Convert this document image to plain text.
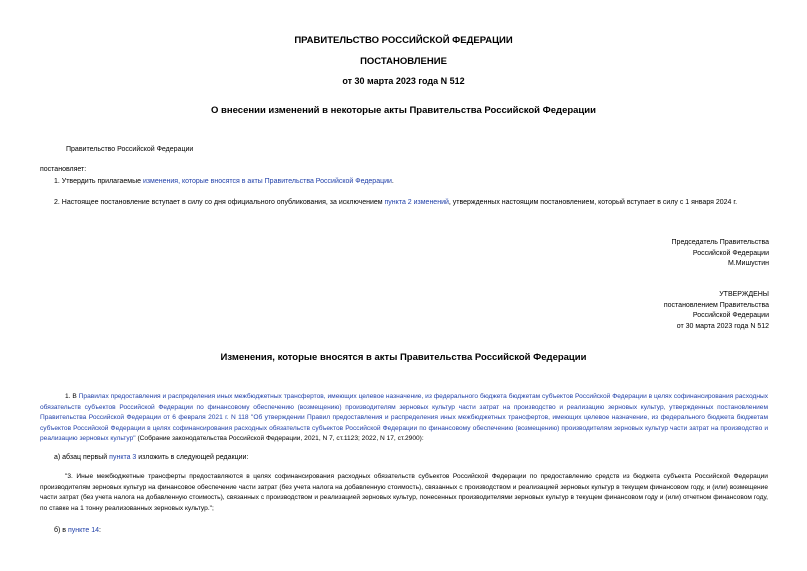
ПРАВИТЕЛЬСТВО РОССИЙСКОЙ ФЕДЕРАЦИИ
ПОСТАНОВЛЕНИЕ
от 30 марта 2023 года N 512
О внесении изменений в некоторые акты Правительства Российской Федерации
Правительство Российской Федерации
постановляет:
1. Утвердить прилагаемые изменения, которые вносятся в акты Правительства Российской Федерации.
2. Настоящее постановление вступает в силу со дня официального опубликования, за исключением пункта 2 изменений, утвержденных настоящим постановлением, который вступает в силу с 1 января 2024 г.
Председатель Правительства
Российской Федерации
М.Мишустин
УТВЕРЖДЕНЫ
постановлением Правительства
Российской Федерации
от 30 марта 2023 года N 512
Изменения, которые вносятся в акты Правительства Российской Федерации
1. В Правилах предоставления и распределения иных межбюджетных трансфертов, имеющих целевое назначение, из федерального бюджета бюджетам субъектов Российской Федерации в целях софинансирования расходных обязательств субъектов Российской Федерации по финансовому обеспечению (возмещению) производителям зерновых культур части затрат на производство и реализацию зерновых культур, утвержденных постановлением Правительства Российской Федерации от 6 февраля 2021 г. N 118 "Об утверждении Правил предоставления и распределения иных межбюджетных трансфертов, имеющих целевое назначение, из федерального бюджета бюджетам субъектов Российской Федерации в целях софинансирования расходных обязательств субъектов Российской Федерации по финансовому обеспечению (возмещению) производителям зерновых культур части затрат на производство и реализацию зерновых культур" (Собрание законодательства Российской Федерации, 2021, N 7, ст.1123; 2022, N 17, ст.2900):
а) абзац первый пункта 3 изложить в следующей редакции:
"3. Иные межбюджетные трансферты предоставляются в целях софинансирования расходных обязательств субъектов Российской Федерации по предоставлению средств из бюджета субъекта Российской Федерации производителям зерновых культур на финансовое обеспечение части затрат (без учета налога на добавленную стоимость), связанных с производством и реализацией зерновых культур в текущем финансовом году, и (или) возмещение части затрат (без учета налога на добавленную стоимость), связанных с производством и реализацией зерновых культур, понесенных производителями зерновых культур в текущем финансовом году и (или) отчетном финансовом году, по ставке на 1 тонну реализованных зерновых культур.";
б) в пункте 14:
